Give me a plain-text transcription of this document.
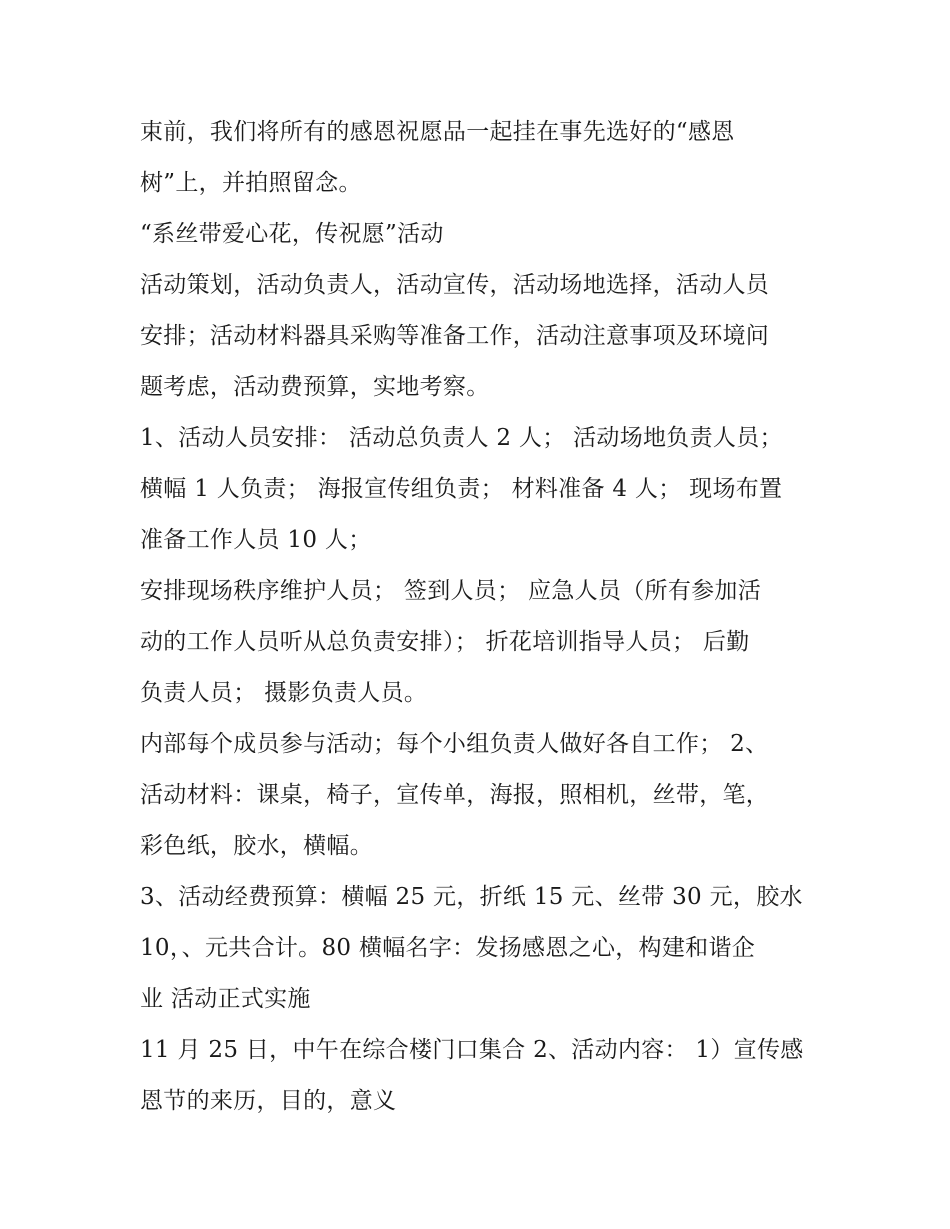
束前，我们将所有的感恩祝愿品一起挂在事先选好的“感恩
树”上，并拍照留念。
“系丝带爱心花，传祝愿”活动
活动策划，活动负责人，活动宣传，活动场地选择，活动人员
安排；活动材料器具采购等准备工作，活动注意事项及环境问
题考虑，活动费预算，实地考察。
1、活动人员安排： 活动总负责人 2 人； 活动场地负责人员；
横幅 1 人负责； 海报宣传组负责； 材料准备 4 人； 现场布置
准备工作人员 10 人；
安排现场秩序维护人员； 签到人员； 应急人员（所有参加活
动的工作人员听从总负责安排）； 折花培训指导人员； 后勤
负责人员； 摄影负责人员。
内部每个成员参与活动；每个小组负责人做好各自工作； 2、
活动材料：课桌，椅子，宣传单，海报，照相机，丝带，笔，
彩色纸，胶水，横幅。
3、活动经费预算：横幅 25 元，折纸 15 元、丝带 30 元，胶水
10，、元共合计。80 横幅名字：发扬感恩之心，构建和谐企
业 活动正式实施
11 月 25 日，中午在综合楼门口集合 2、活动内容： 1）宣传感
恩节的来历，目的，意义
